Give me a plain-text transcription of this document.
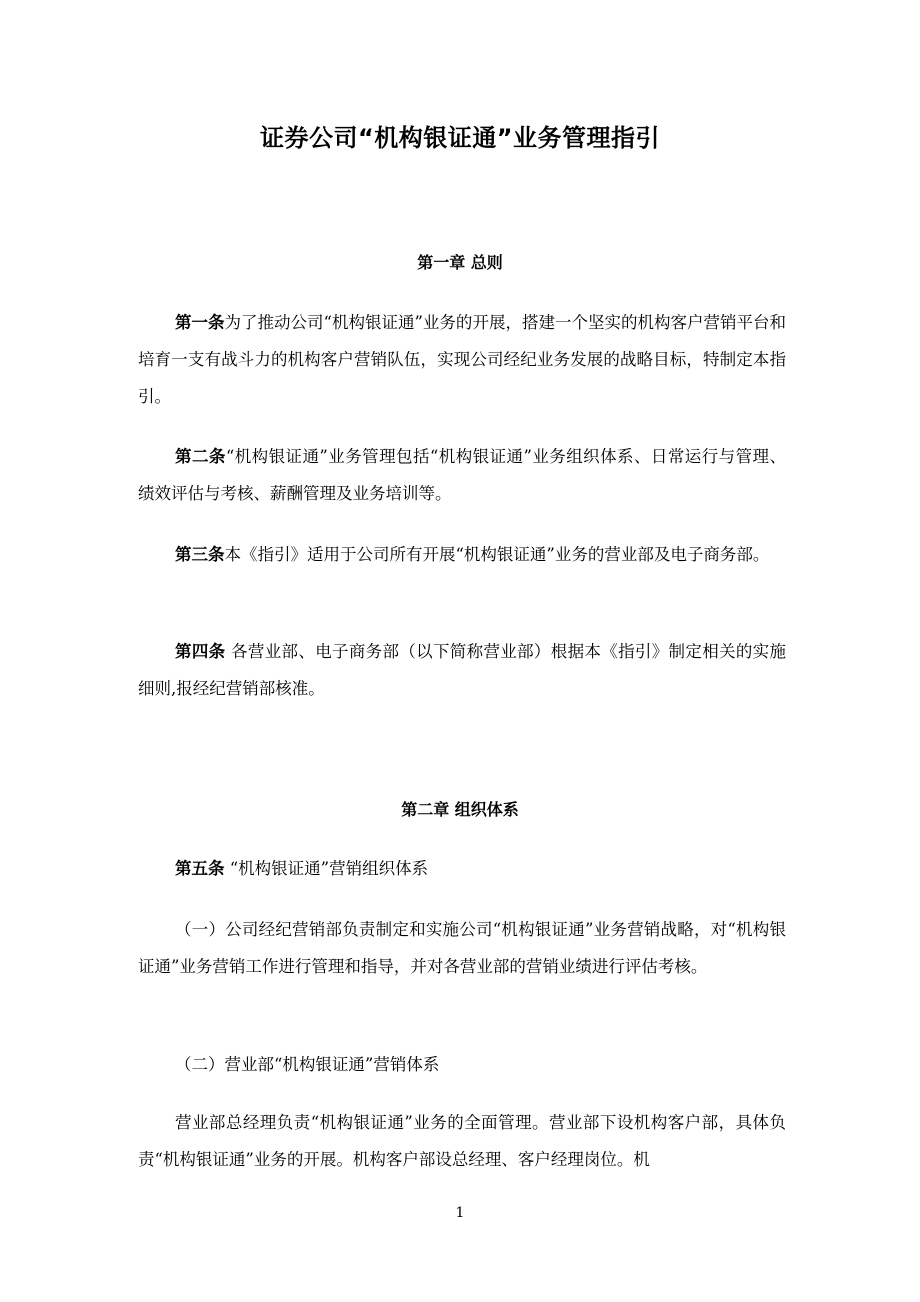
证券公司“机构银证通”业务管理指引
第一章 总则

第一条为了推动公司“机构银证通”业务的开展，搭建一个坚实的机构客户营销平台和培育一支有战斗力的机构客户营销队伍，实现公司经纪业务发展的战略目标，特制定本指引。

第二条“机构银证通”业务管理包括“机构银证通”业务组织体系、日常运行与管理、绩效评估与考核、薪酬管理及业务培训等。

第三条本《指引》适用于公司所有开展“机构银证通”业务的营业部及电子商务部。

第四条 各营业部、电子商务部（以下简称营业部）根据本《指引》制定相关的实施细则,报经纪营销部核准。

第二章 组织体系

第五条 “机构银证通”营销组织体系

（一）公司经纪营销部负责制定和实施公司“机构银证通”业务营销战略，对“机构银证通”业务营销工作进行管理和指导，并对各营业部的营销业绩进行评估考核。

（二）营业部“机构银证通”营销体系

营业部总经理负责“机构银证通”业务的全面管理。营业部下设机构客户部，具体负责“机构银证通”业务的开展。机构客户部设总经理、客户经理岗位。机

1
